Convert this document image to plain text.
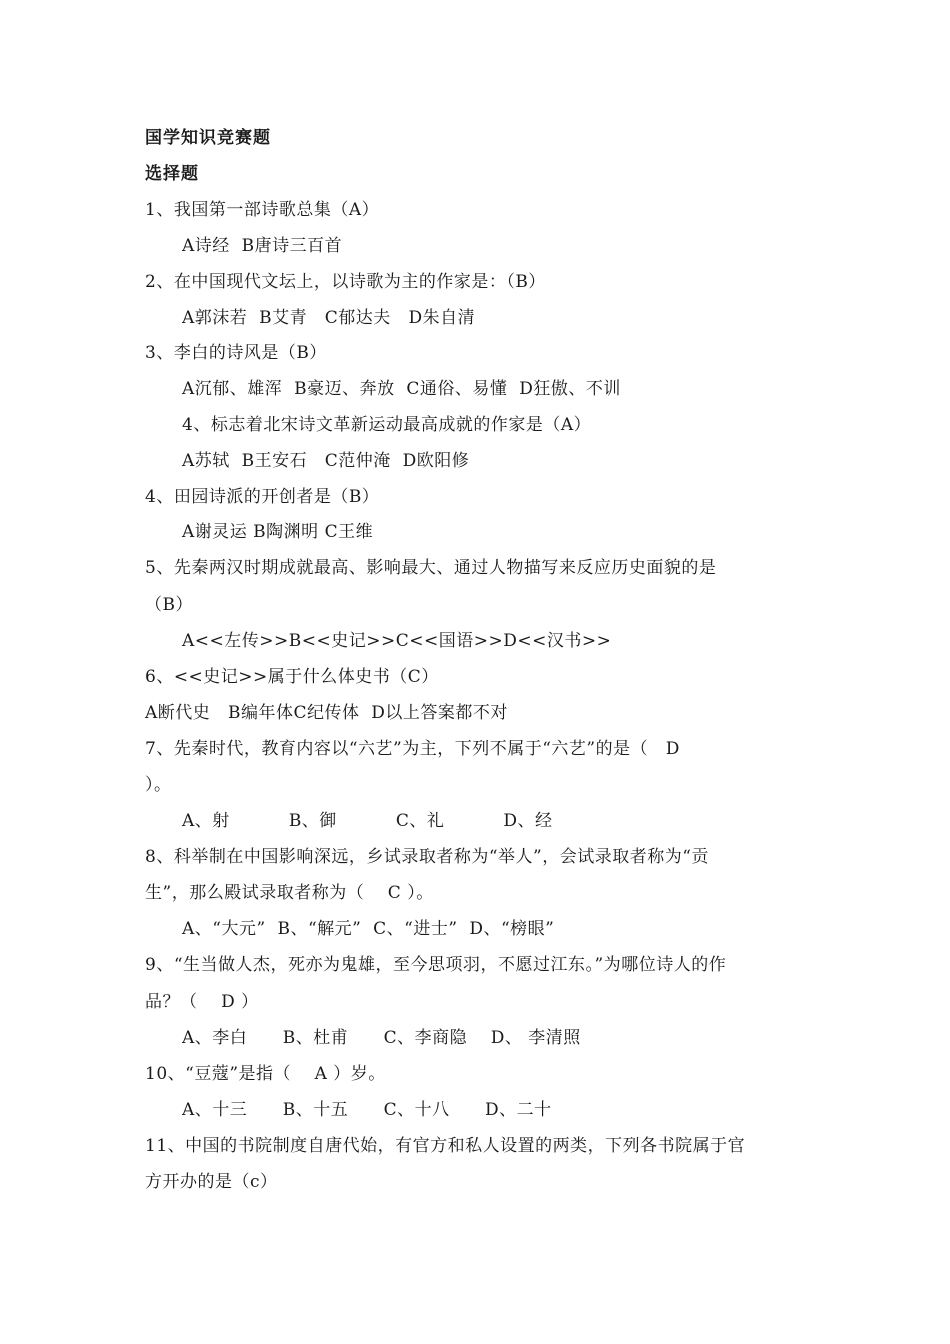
国学知识竞赛题
选择题
1、我国第一部诗歌总集（A）
A诗经  B唐诗三百首
2、在中国现代文坛上，以诗歌为主的作家是：（B）
A郭沫若  B艾青   C郁达夫   D朱自清
3、李白的诗风是（B）
A沉郁、雄浑  B豪迈、奔放  C通俗、易懂  D狂傲、不训
4、标志着北宋诗文革新运动最高成就的作家是（A）
A苏轼  B王安石   C范仲淹  D欧阳修
4、田园诗派的开创者是（B）
A谢灵运 B陶渊明 C王维
5、先秦两汉时期成就最高、影响最大、通过人物描写来反应历史面貌的是
（B）
A<<左传>>B<<史记>>C<<国语>>D<<汉书>>
6、<<史记>>属于什么体史书（C）
A断代史   B编年体C纪传体  D以上答案都不对
7、先秦时代，教育内容以“六艺”为主，下列不属于“六艺”的是（   D
）。
A、射          B、御          C、礼          D、经
8、科举制在中国影响深远，乡试录取者称为“举人”，会试录取者称为“贡
生”，那么殿试录取者称为（    C ）。
A、“大元”  B、“解元”  C、“进士”  D、“榜眼”
9、“生当做人杰，死亦为鬼雄，至今思项羽，不愿过江东。”为哪位诗人的作
品？（    D ）
A、李白      B、杜甫      C、李商隐    D、 李清照
10、“豆蔻”是指（    A ）岁。
A、十三      B、十五      C、十八      D、二十
11、中国的书院制度自唐代始，有官方和私人设置的两类，下列各书院属于官
方开办的是（c）
